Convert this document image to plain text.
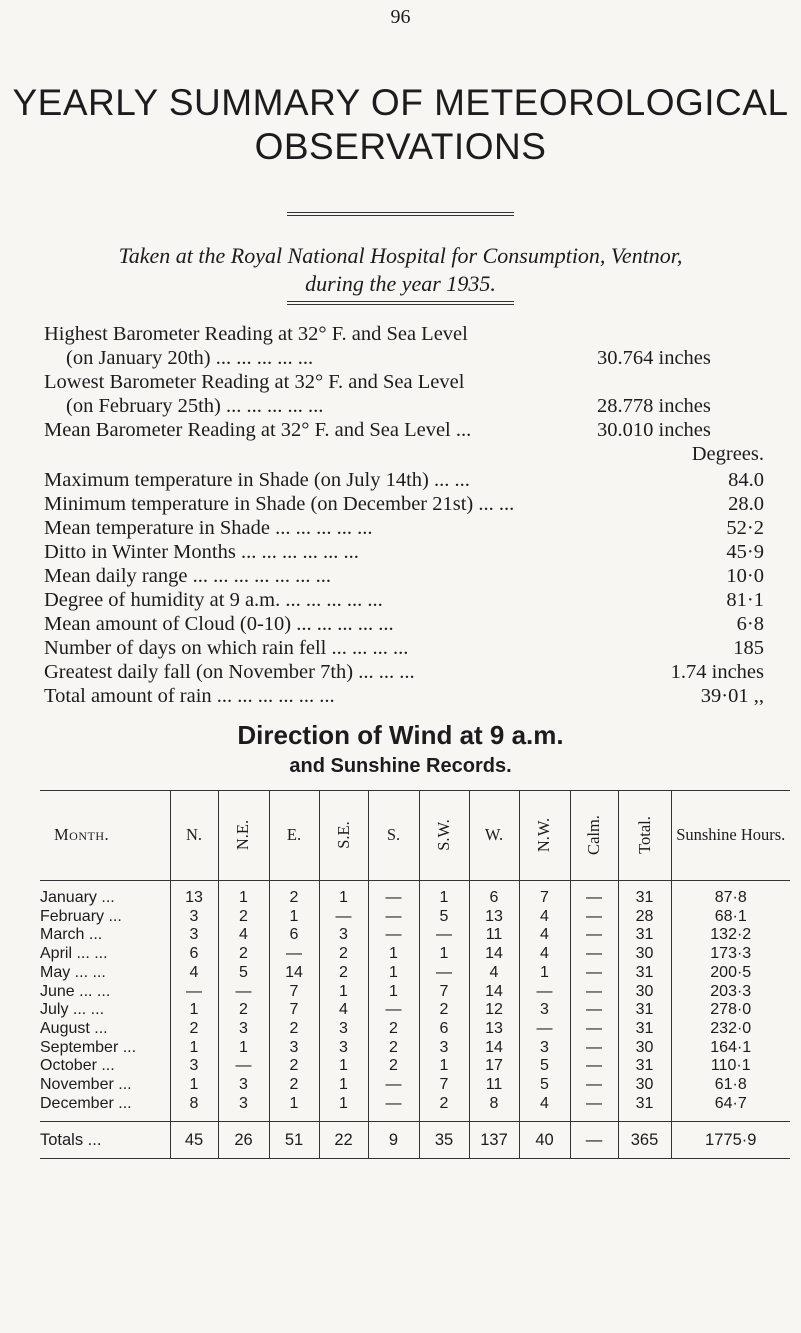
96
YEARLY SUMMARY OF METEOROLOGICAL
OBSERVATIONS
Taken at the Royal National Hospital for Consumption, Ventnor,
during the year 1935.
Highest Barometer Reading at 32° F. and Sea Level
(on January 20th) ... ... ... ... ...	30.764 inches
Lowest Barometer Reading at 32° F. and Sea Level
(on February 25th) ... ... ... ... ...	28.778 inches
Mean Barometer Reading at 32° F. and Sea Level ...	30.010 inches
Degrees.
Maximum temperature in Shade (on July 14th) ... ...	84.0
Minimum temperature in Shade (on December 21st) ... ...	28.0
Mean temperature in Shade ... ... ... ... ...	52·2
Ditto in Winter Months ... ... ... ... ... ...	45·9
Mean daily range ... ... ... ... ... ... ...	10·0
Degree of humidity at 9 a.m. ... ... ... ... ...	81·1
Mean amount of Cloud (0-10) ... ... ... ... ...	6·8
Number of days on which rain fell ... ... ... ...	185
Greatest daily fall (on November 7th) ... ... ...	1.74 inches
Total amount of rain ... ... ... ... ... ...	39·01 ,,
Direction of Wind at 9 a.m.
and Sunshine Records.
Month.	N.	N.E.	E.	S.E.	S.	S.W.	W.	N.W.	Calm.	Total.	Sunshine Hours.
January ...	13	1	2	1	—	1	6	7	—	31	87·8
February ...	3	2	1	—	—	5	13	4	—	28	68·1
March ...	3	4	6	3	—	—	11	4	—	31	132·2
April ... ...	6	2	—	2	1	1	14	4	—	30	173·3
May ... ...	4	5	14	2	1	—	4	1	—	31	200·5
June ... ...	—	—	7	1	1	7	14	—	—	30	203·3
July ... ...	1	2	7	4	—	2	12	3	—	31	278·0
August ...	2	3	2	3	2	6	13	—	—	31	232·0
September ...	1	1	3	3	2	3	14	3	—	30	164·1
October ...	3	—	2	1	2	1	17	5	—	31	110·1
November ...	1	3	2	1	—	7	11	5	—	30	61·8
December ...	8	3	1	1	—	2	8	4	—	31	64·7
Totals ...	45	26	51	22	9	35	137	40	—	365	1775·9
